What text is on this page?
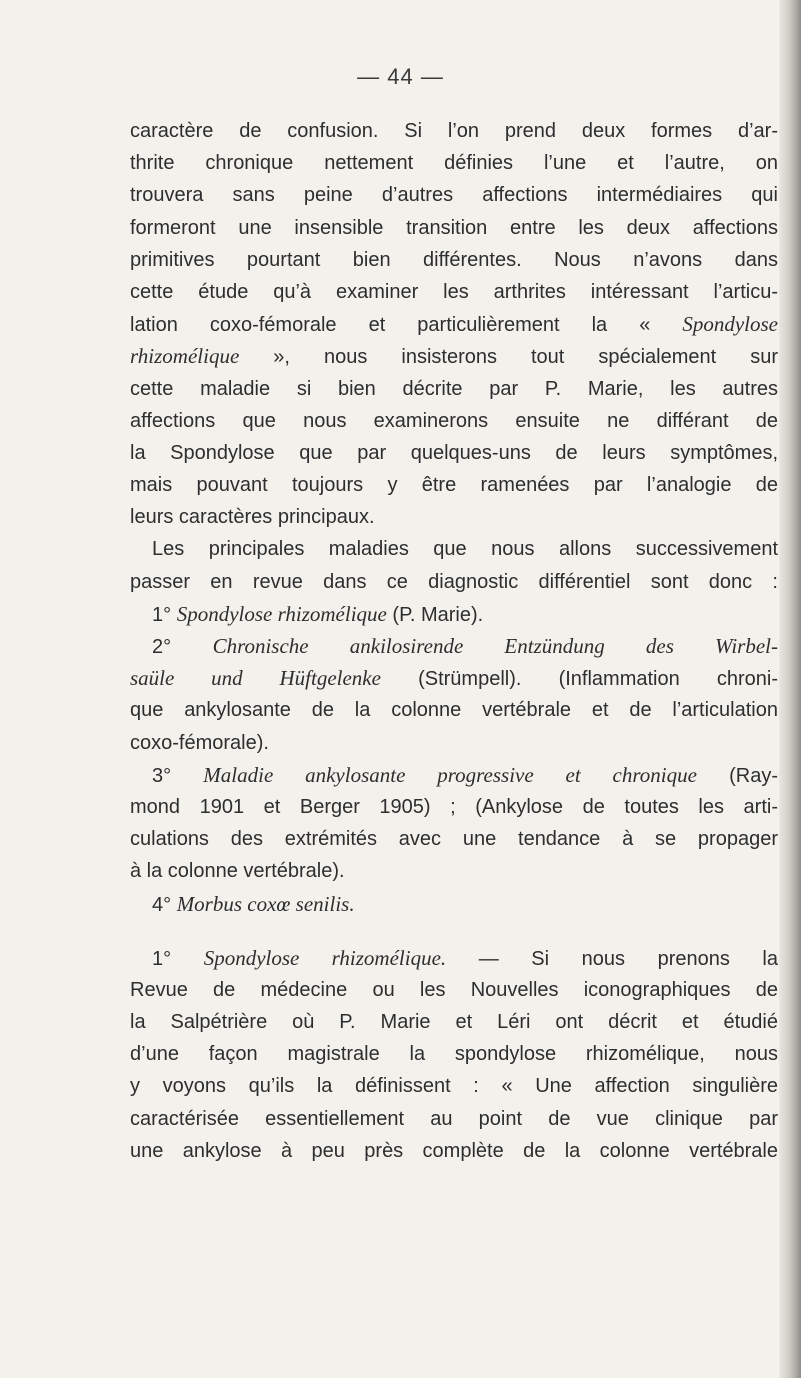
— 44 —
caractère de confusion. Si l’on prend deux formes d’ar-
thrite chronique nettement définies l’une et l’autre, on
trouvera sans peine d’autres affections intermédiaires qui
formeront une insensible transition entre les deux affections
primitives pourtant bien différentes. Nous n’avons dans
cette étude qu’à examiner les arthrites intéressant l’articu-
lation coxo-fémorale et particulièrement la « Spondylose
rhizomélique », nous insisterons tout spécialement sur
cette maladie si bien décrite par P. Marie, les autres
affections que nous examinerons ensuite ne différant de
la Spondylose que par quelques-uns de leurs symptômes,
mais pouvant toujours y être ramenées par l’analogie de
leurs caractères principaux.
Les principales maladies que nous allons successivement
passer en revue dans ce diagnostic différentiel sont donc :
1° Spondylose rhizomélique (P. Marie).
2° Chronische ankilosirende Entzündung des Wirbel-
saüle und Hüftgelenke (Strümpell). (Inflammation chroni-
que ankylosante de la colonne vertébrale et de l’articulation
coxo-fémorale).
3° Maladie ankylosante progressive et chronique (Ray-
mond 1901 et Berger 1905) ; (Ankylose de toutes les arti-
culations des extrémités avec une tendance à se propager
à la colonne vertébrale).
4° Morbus coxœ senilis.
1° Spondylose rhizomélique. — Si nous prenons la
Revue de médecine ou les Nouvelles iconographiques de
la Salpétrière où P. Marie et Léri ont décrit et étudié
d’une façon magistrale la spondylose rhizomélique, nous
y voyons qu’ils la définissent : « Une affection singulière
caractérisée essentiellement au point de vue clinique par
une ankylose à peu près complète de la colonne vertébrale
